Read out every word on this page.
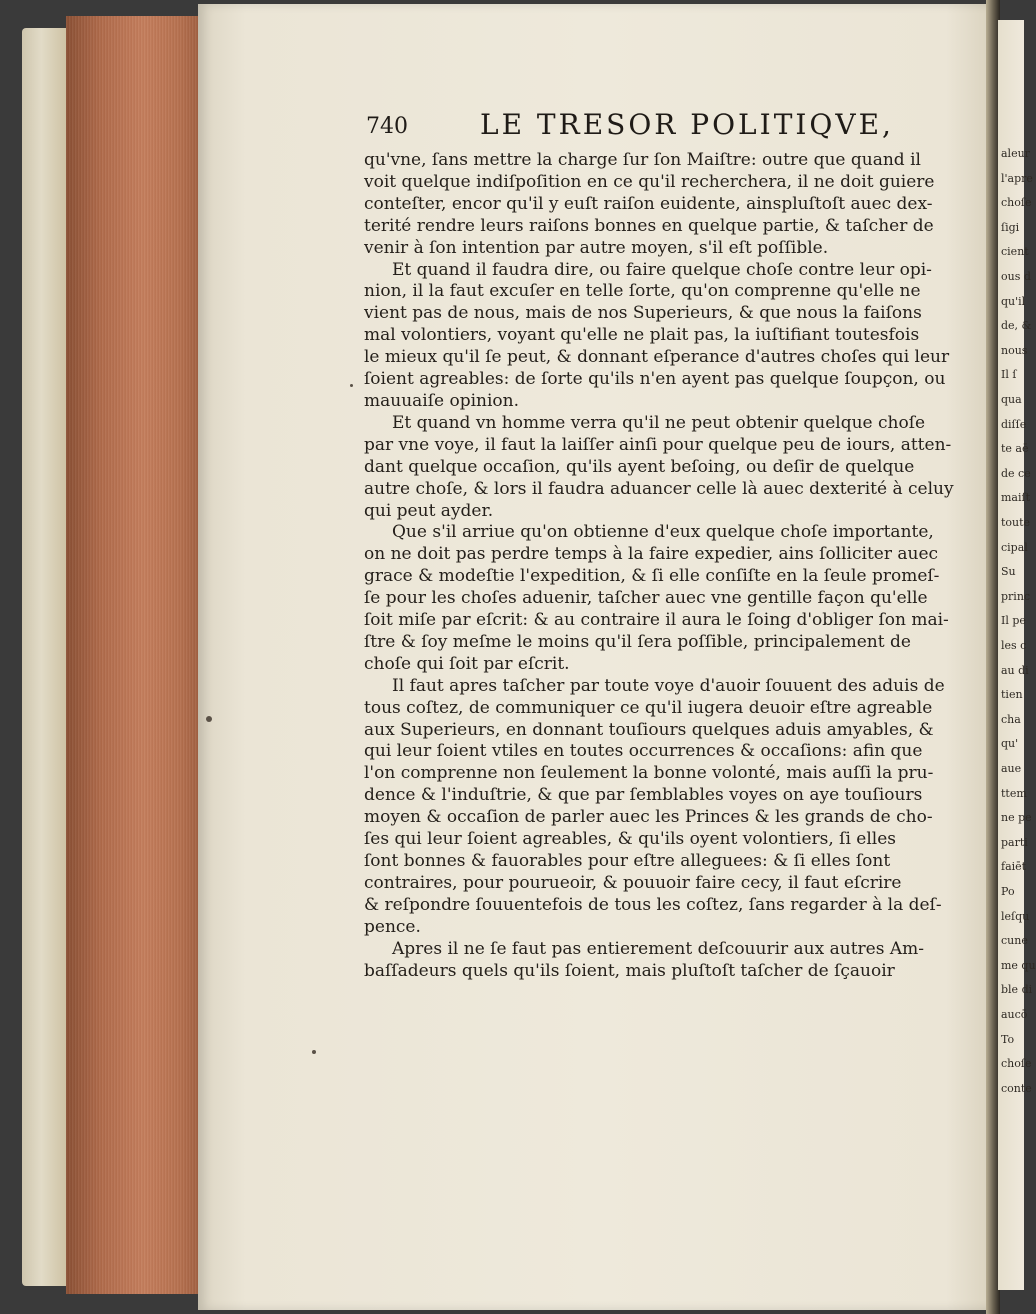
740	LE TRESOR POLITIQVE,
qu'vne, ſans mettre la charge ſur ſon Maiſtre: outre que quand il
voit quelque indiſpoſition en ce qu'il recherchera, il ne doit guiere
conteſter, encor qu'il y euſt raiſon euidente, ainspluſtoſt auec dex-
terité rendre leurs raiſons bonnes en quelque partie, & taſcher de
venir à ſon intention par autre moyen, s'il eſt poſſible.
Et quand il faudra dire, ou faire quelque choſe contre leur opi-
nion, il la faut excuſer en telle ſorte, qu'on comprenne qu'elle ne
vient pas de nous, mais de nos Superieurs, & que nous la faiſons
mal volontiers, voyant qu'elle ne plait pas, la iuſtifiant toutesfois
le mieux qu'il ſe peut, & donnant eſperance d'autres choſes qui leur
ſoient agreables: de ſorte qu'ils n'en ayent pas quelque ſoupçon, ou
mauuaiſe opinion.
Et quand vn homme verra qu'il ne peut obtenir quelque choſe
par vne voye, il faut la laiſſer ainſi pour quelque peu de iours, atten-
dant quelque occaſion, qu'ils ayent beſoing, ou deſir de quelque
autre choſe, & lors il faudra aduancer celle là auec dexterité à celuy
qui peut ayder.
Que s'il arriue qu'on obtienne d'eux quelque choſe importante,
on ne doit pas perdre temps à la faire expedier, ains ſolliciter auec
grace & modeſtie l'expedition, & ſi elle conſiſte en la ſeule promeſ-
ſe pour les choſes aduenir, taſcher auec vne gentille façon qu'elle
ſoit miſe par eſcrit: & au contraire il aura le ſoing d'obliger ſon mai-
ſtre & ſoy meſme le moins qu'il ſera poſſible, principalement de
choſe qui ſoit par eſcrit.
Il faut apres taſcher par toute voye d'auoir ſouuent des aduis de
tous coſtez, de communiquer ce qu'il iugera deuoir eſtre agreable
aux Superieurs, en donnant touſiours quelques aduis amyables, &
qui leur ſoient vtiles en toutes occurrences & occaſions: afin que
l'on comprenne non ſeulement la bonne volonté, mais auſſi la pru-
dence & l'induſtrie, & que par ſemblables voyes on aye touſiours
moyen & occaſion de parler auec les Princes & les grands de cho-
ſes qui leur ſoient agreables, & qu'ils oyent volontiers, ſi elles
ſont bonnes & fauorables pour eſtre alleguees: & ſi elles ſont
contraires, pour pourueoir, & pouuoir faire cecy, il faut eſcrire
& reſpondre ſouuentefois de tous les coſtez, ſans regarder à la deſ-
pence.
Apres il ne ſe faut pas entierement deſcouurir aux autres Am-
baſſadeurs quels qu'ils ſoient, mais pluſtoſt taſcher de ſçauoir
aleur
l'apre
choſe
ſigi
cient
ous d
qu'il
de, &
nous
Il ſ
qua
diſſe
te aē
de ce
maiſt
toute
cipal
Su
princ
Il pe
les c
au di
tien
cha
qu'
aue
ttem
ne pe
parti
faiēt
Po
leſqu
cune
me qu
ble di
aucō
To
choſe
conte
